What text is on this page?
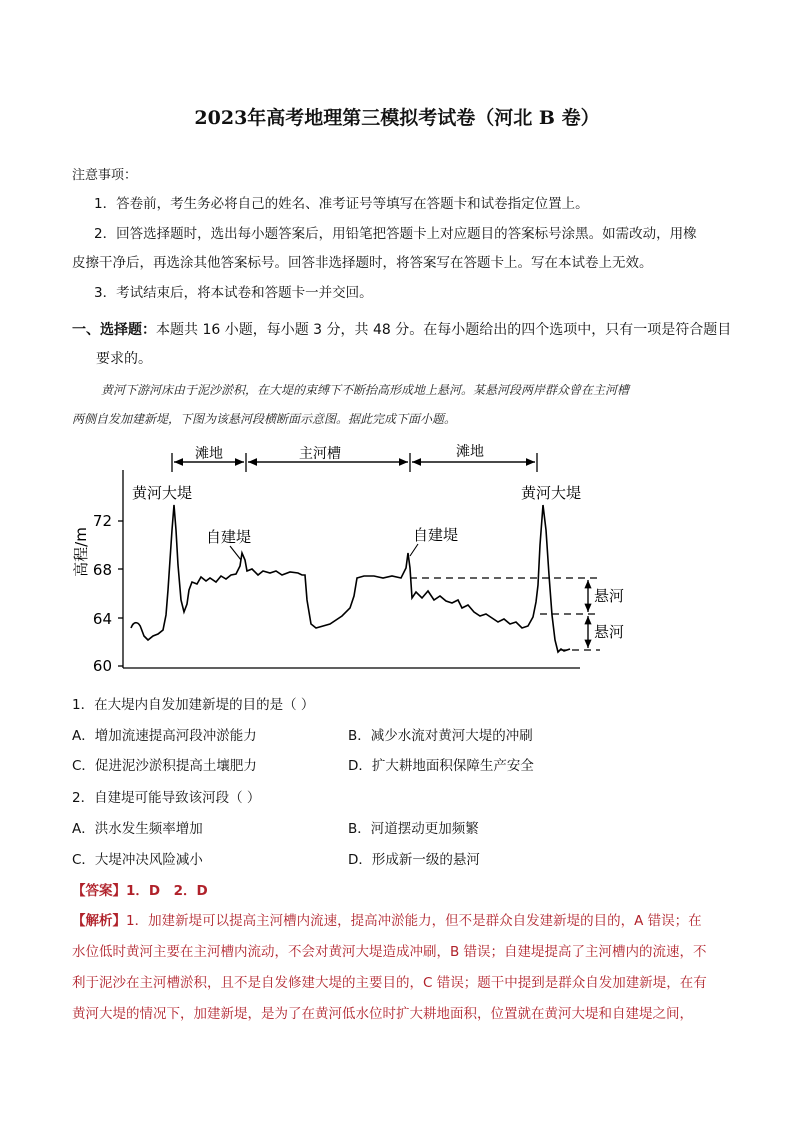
2023年高考地理第三模拟考试卷（河北 B 卷）
注意事项：
1．答卷前，考生务必将自己的姓名、准考证号等填写在答题卡和试卷指定位置上。
2．回答选择题时，选出每小题答案后，用铅笔把答题卡上对应题目的答案标号涂黑。如需改动，用橡
皮擦干净后，再选涂其他答案标号。回答非选择题时，将答案写在答题卡上。写在本试卷上无效。
3．考试结束后，将本试卷和答题卡一并交回。
一、选择题：本题共 16 小题，每小题 3 分，共 48 分。在每小题给出的四个选项中，只有一项是符合题目
要求的。
黄河下游河床由于泥沙淤积，在大堤的束缚下不断抬高形成地上悬河。某悬河段两岸群众曾在主河槽
两侧自发加建新堤，下图为该悬河段横断面示意图。据此完成下面小题。
滩地	主河槽	滩地
72
68
64
60
高程/m
悬河
悬河
黄河大堤	黄河大堤
自建堤	自建堤
1．在大堤内自发加建新堤的目的是（ ）
A．增加流速提高河段冲淤能力	B．减少水流对黄河大堤的冲刷
C．促进泥沙淤积提高土壤肥力	D．扩大耕地面积保障生产安全
2．自建堤可能导致该河段（ ）
A．洪水发生频率增加	B．河道摆动更加频繁
C．大堤冲决风险减小	D．形成新一级的悬河
【答案】1．D　2．D
【解析】1．加建新堤可以提高主河槽内流速，提高冲淤能力，但不是群众自发建新堤的目的，A 错误；在
水位低时黄河主要在主河槽内流动，不会对黄河大堤造成冲刷，B 错误；自建堤提高了主河槽内的流速，不
利于泥沙在主河槽淤积，且不是自发修建大堤的主要目的，C 错误；题干中提到是群众自发加建新堤，在有
黄河大堤的情况下，加建新堤，是为了在黄河低水位时扩大耕地面积，位置就在黄河大堤和自建堤之间，
